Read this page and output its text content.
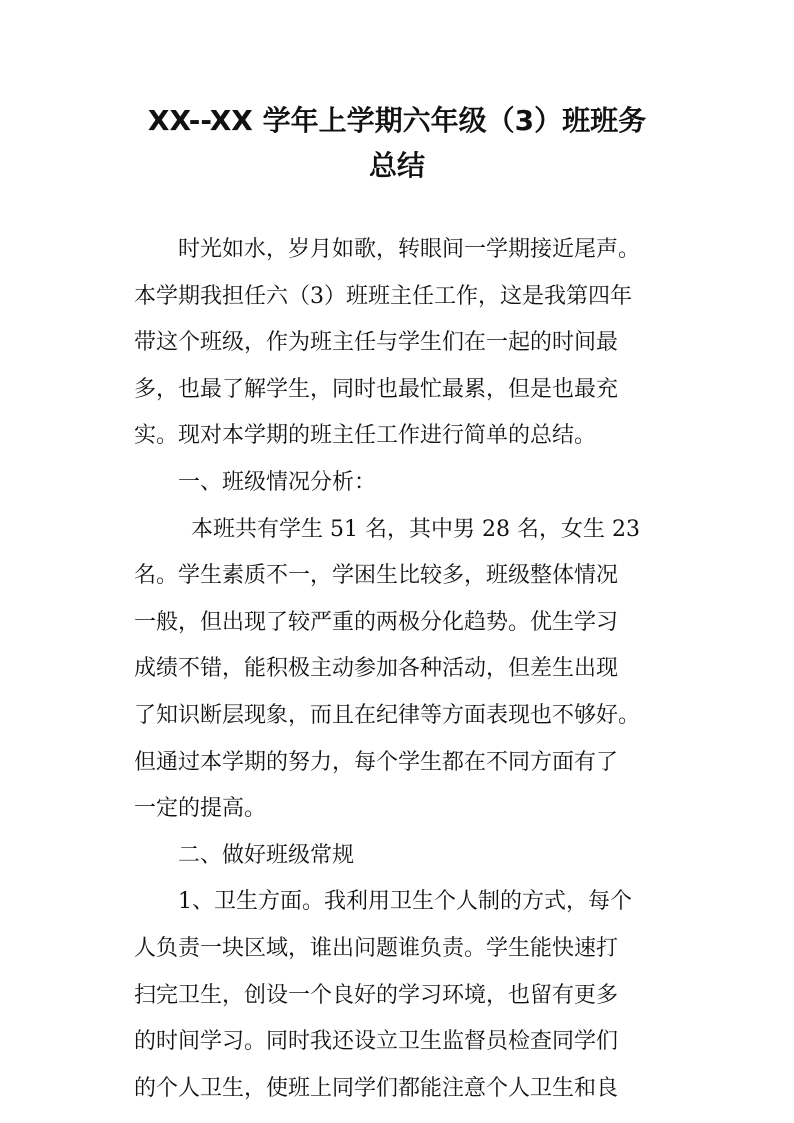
XX--XX 学年上学期六年级（3）班班务
总结
时光如水，岁月如歌，转眼间一学期接近尾声。
本学期我担任六（3）班班主任工作，这是我第四年
带这个班级，作为班主任与学生们在一起的时间最
多，也最了解学生，同时也最忙最累，但是也最充
实。现对本学期的班主任工作进行简单的总结。
一、班级情况分析：
本班共有学生 51 名，其中男 28 名，女生 23
名。学生素质不一，学困生比较多，班级整体情况
一般，但出现了较严重的两极分化趋势。优生学习
成绩不错，能积极主动参加各种活动，但差生出现
了知识断层现象，而且在纪律等方面表现也不够好。
但通过本学期的努力，每个学生都在不同方面有了
一定的提高。
二、做好班级常规
1、卫生方面。我利用卫生个人制的方式，每个
人负责一块区域，谁出问题谁负责。学生能快速打
扫完卫生，创设一个良好的学习环境，也留有更多
的时间学习。同时我还设立卫生监督员检查同学们
的个人卫生，使班上同学们都能注意个人卫生和良
